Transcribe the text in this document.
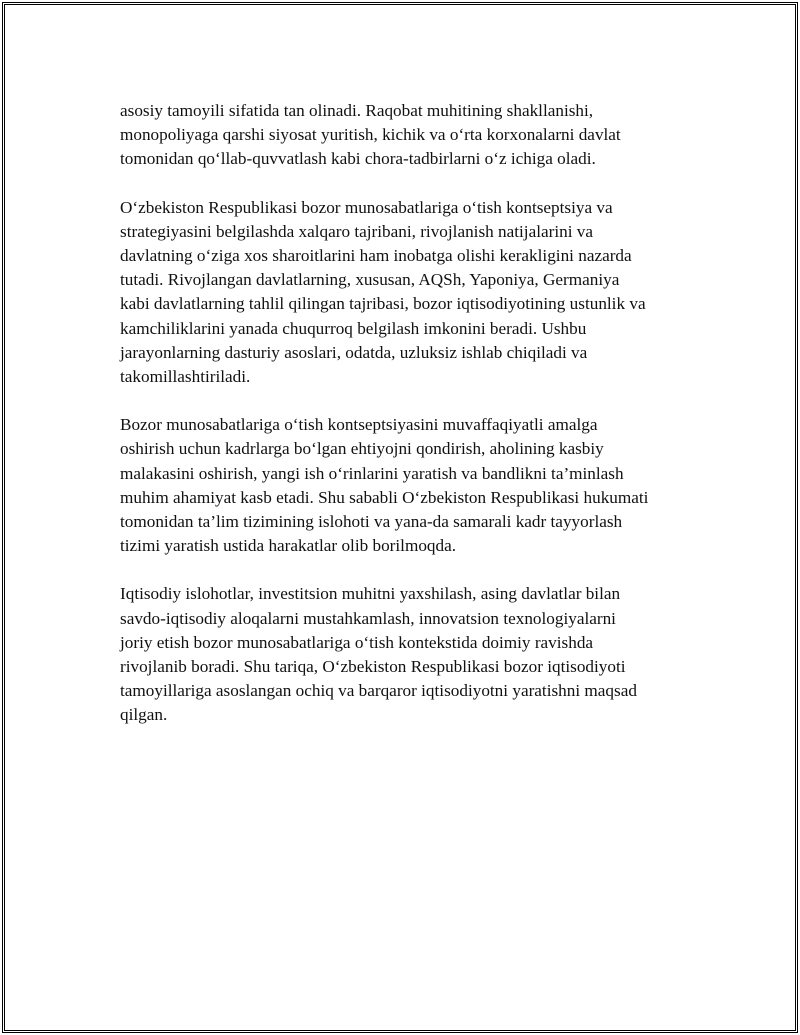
asosiy tamoyili sifatida tan olinadi. Raqobat muhitining shakllanishi,
monopoliyaga qarshi siyosat yuritish, kichik va o‘rta korxonalarni davlat
tomonidan qo‘llab-quvvatlash kabi chora-tadbirlarni o‘z ichiga oladi.

O‘zbekiston Respublikasi bozor munosabatlariga o‘tish kontseptsiya va
strategiyasini belgilashda xalqaro tajribani, rivojlanish natijalarini va
davlatning o‘ziga xos sharoitlarini ham inobatga olishi kerakligini nazarda
tutadi. Rivojlangan davlatlarning, xususan, AQSh, Yaponiya, Germaniya
kabi davlatlarning tahlil qilingan tajribasi, bozor iqtisodiyotining ustunlik va
kamchiliklarini yanada chuqurroq belgilash imkonini beradi. Ushbu
jarayonlarning dasturiy asoslari, odatda, uzluksiz ishlab chiqiladi va
takomillashtiriladi.

Bozor munosabatlariga o‘tish kontseptsiyasini muvaffaqiyatli amalga
oshirish uchun kadrlarga bo‘lgan ehtiyojni qondirish, aholining kasbiy
malakasini oshirish, yangi ish o‘rinlarini yaratish va bandlikni ta’minlash
muhim ahamiyat kasb etadi. Shu sababli O‘zbekiston Respublikasi hukumati
tomonidan ta’lim tizimining islohoti va yana-da samarali kadr tayyorlash
tizimi yaratish ustida harakatlar olib borilmoqda.

Iqtisodiy islohotlar, investitsion muhitni yaxshilash, asing davlatlar bilan
savdo-iqtisodiy aloqalarni mustahkamlash, innovatsion texnologiyalarni
joriy etish bozor munosabatlariga o‘tish kontekstida doimiy ravishda
rivojlanib boradi. Shu tariqa, O‘zbekiston Respublikasi bozor iqtisodiyoti
tamoyillariga asoslangan ochiq va barqaror iqtisodiyotni yaratishni maqsad
qilgan.
